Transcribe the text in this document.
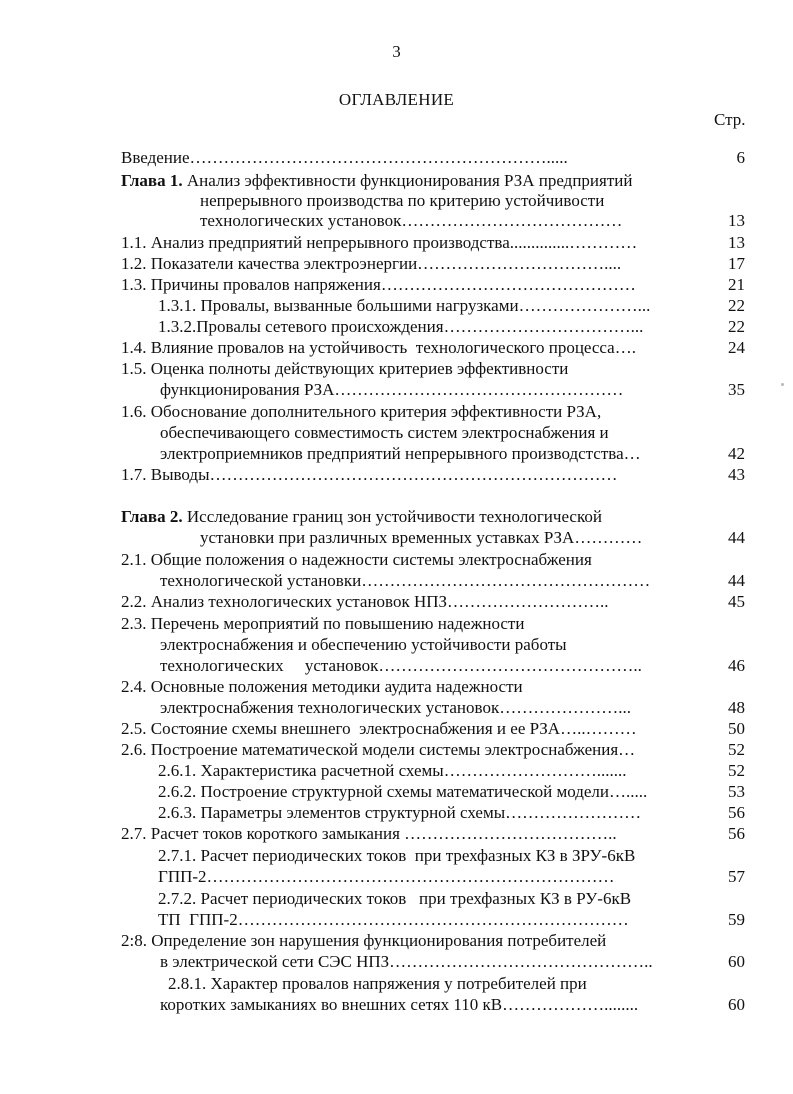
3
ОГЛАВЛЕНИЕ
Стр.
Введение……………………………………………………….....	6
Глава 1. Анализ эффективности функционирования РЗА предприятий
непрерывного производства по критерию устойчивости
технологических установок…………………………………	13
1.1. Анализ предприятий непрерывного производства..............…………	13
1.2. Показатели качества электроэнергии……………………………....	17
1.3. Причины провалов напряжения………………………………………	21
1.3.1. Провалы, вызванные большими нагрузками…………………...	22
1.3.2.Провалы сетевого происхождения……………………………...	22
1.4. Влияние провалов на устойчивость  технологического процесса….	24
1.5. Оценка полноты действующих критериев эффективности
функционирования РЗА……………………………………………	35
1.6. Обоснование дополнительного критерия эффективности РЗА,
обеспечивающего совместимость систем электроснабжения и
электроприемников предприятий непрерывного производстства…	42
1.7. Выводы………………………………………………………………	43
Глава 2. Исследование границ зон устойчивости технологической
установки при различных временных уставках РЗА…………	44
2.1. Общие положения о надежности системы электроснабжения
технологической установки……………………………………………	44
2.2. Анализ технологических установок НПЗ………………………..	45
2.3. Перечень мероприятий по повышению надежности
электроснабжения и обеспечению устойчивости работы
технологических     установок………………………………………..	46
2.4. Основные положения методики аудита надежности
электроснабжения технологических установок…………………...	48
2.5. Состояние схемы внешнего  электроснабжения и ее РЗА…..………	50
2.6. Построение математической модели системы электроснабжения…	52
2.6.1. Характеристика расчетной схемы……………………….......	52
2.6.2. Построение структурной схемы математической модели….....	53
2.6.3. Параметры элементов структурной схемы……………………	56
2.7. Расчет токов короткого замыкания ………………………………..	56
2.7.1. Расчет периодических токов  при трехфазных КЗ в ЗРУ-6кВ
ГПП-2………………………………………………………………	57
2.7.2. Расчет периодических токов   при трехфазных КЗ в РУ-6кВ
ТП  ГПП-2……………………………………………………………	59
2:8. Определение зон нарушения функционирования потребителей
в электрической сети СЭС НПЗ………………………………………..	60
2.8.1. Характер провалов напряжения у потребителей при
коротких замыканиях во внешних сетях 110 кВ………………........	60
